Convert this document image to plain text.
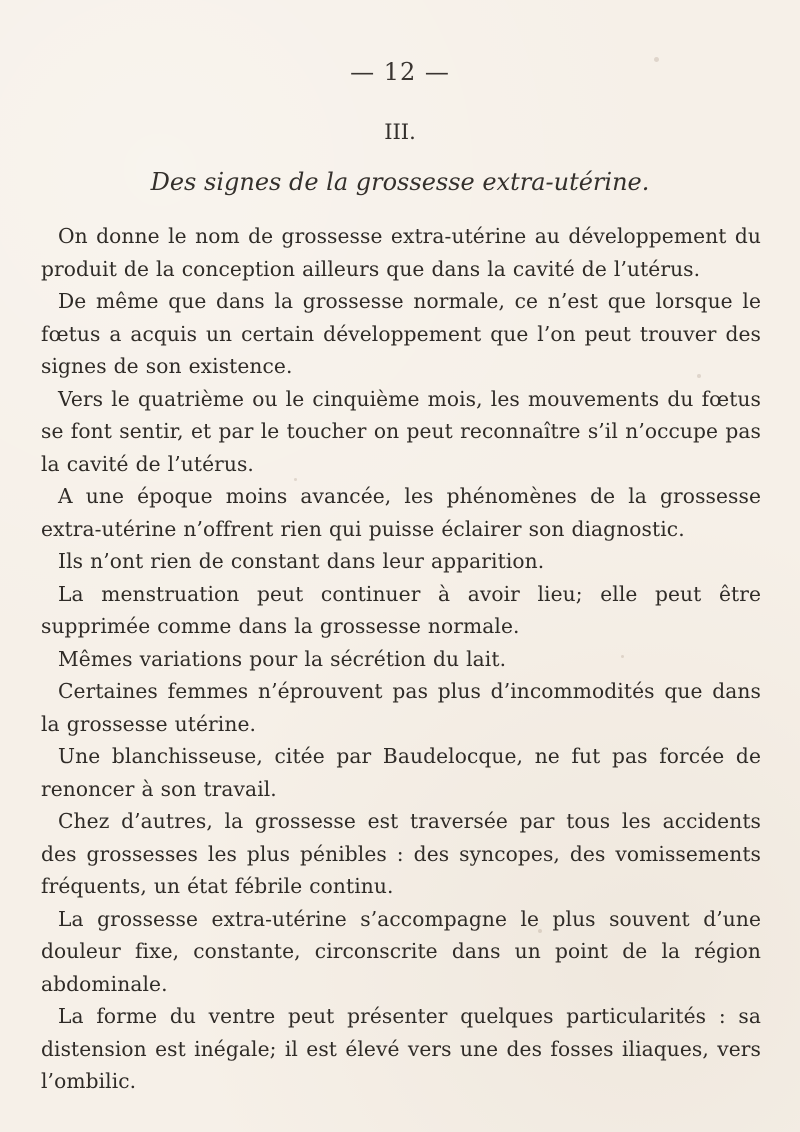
— 12 —
III.
Des signes de la grossesse extra-utérine.

On donne le nom de grossesse extra-utérine au développement du produit de la conception ailleurs que dans la cavité de l’utérus.

De même que dans la grossesse normale, ce n’est que lorsque le fœtus a acquis un certain développement que l’on peut trouver des signes de son existence.

Vers le quatrième ou le cinquième mois, les mouvements du fœtus se font sentir, et par le toucher on peut reconnaître s’il n’occupe pas la cavité de l’utérus.

A une époque moins avancée, les phénomènes de la grossesse extra-utérine n’offrent rien qui puisse éclairer son diagnostic.

Ils n’ont rien de constant dans leur apparition.

La menstruation peut continuer à avoir lieu; elle peut être supprimée comme dans la grossesse normale.

Mêmes variations pour la sécrétion du lait.

Certaines femmes n’éprouvent pas plus d’incommodités que dans la grossesse utérine.

Une blanchisseuse, citée par Baudelocque, ne fut pas forcée de renoncer à son travail.

Chez d’autres, la grossesse est traversée par tous les accidents des grossesses les plus pénibles : des syncopes, des vomissements fréquents, un état fébrile continu.

La grossesse extra-utérine s’accompagne le plus souvent d’une douleur fixe, constante, circonscrite dans un point de la région abdominale.

La forme du ventre peut présenter quelques particularités : sa distension est inégale; il est élevé vers une des fosses iliaques, vers l’ombilic.
